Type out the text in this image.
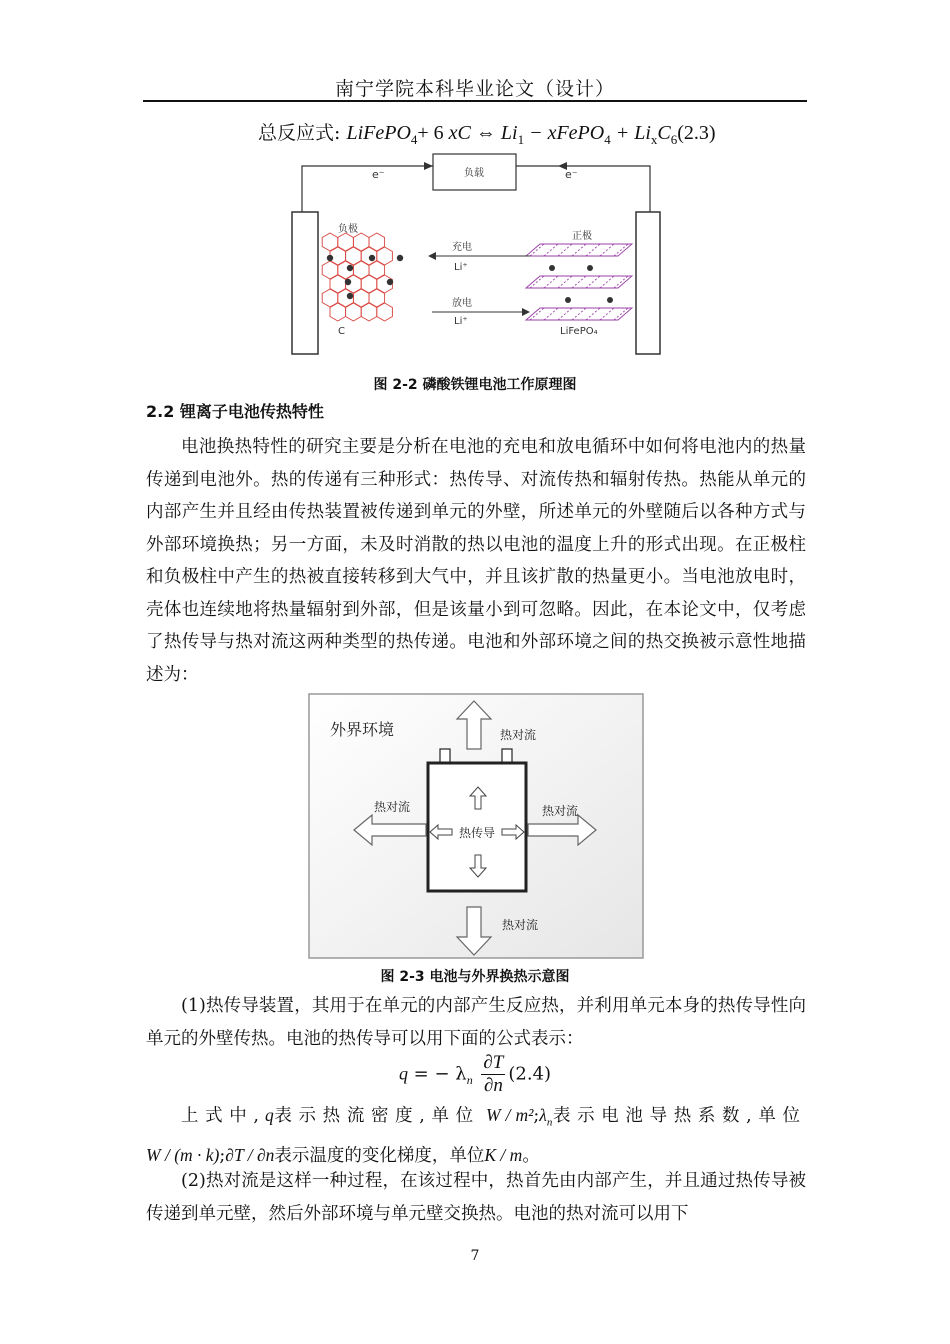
南宁学院本科毕业论文（设计）
总反应式: LiFePO$_4$+ 6 xC ⇔ $Li_1$ − xFePO$_4$ + $Li_xC_6(2.3)$
负载
e⁻	e⁻
负极
C
正极
LiFePO₄
充电
Li⁺
放电
Li⁺
图 2-2 磷酸铁锂电池工作原理图
2.2 锂离子电池传热特性
电池换热特性的研究主要是分析在电池的充电和放电循环中如何将电池内的热量传递到电池外。热的传递有三种形式：热传导、对流传热和辐射传热。热能从单元的内部产生并且经由传热装置被传递到单元的外壁，所述单元的外壁随后以各种方式与外部环境换热；另一方面，未及时消散的热以电池的温度上升的形式出现。在正极柱和负极柱中产生的热被直接转移到大气中，并且该扩散的热量更小。当电池放电时，壳体也连续地将热量辐射到外部，但是该量小到可忽略。因此，在本论文中，仅考虑了热传导与热对流这两种类型的热传递。电池和外部环境之间的热交换被示意性地描述为：
外界环境	热对流
热对流	热对流
热对流
热传导
图 2-3 电池与外界换热示意图
(1)热传导装置，其用于在单元的内部产生反应热，并利用单元本身的热传导性向单元的外壁传热。电池的热传导可以用下面的公式表示：
q = − $\lambda_n \frac{\partial T}{\partial n} (2.4)$
上式中,q表示热流密度,单位 W / $m^2;\lambda_n$表示电池导热系数,单位 W / (m · k);∂T / ∂n表示温度的变化梯度，单位K / m。
(2)热对流是这样一种过程，在该过程中，热首先由内部产生，并且通过热传导被传递到单元壁，然后外部环境与单元壁交换热。电池的热对流可以用下
7
